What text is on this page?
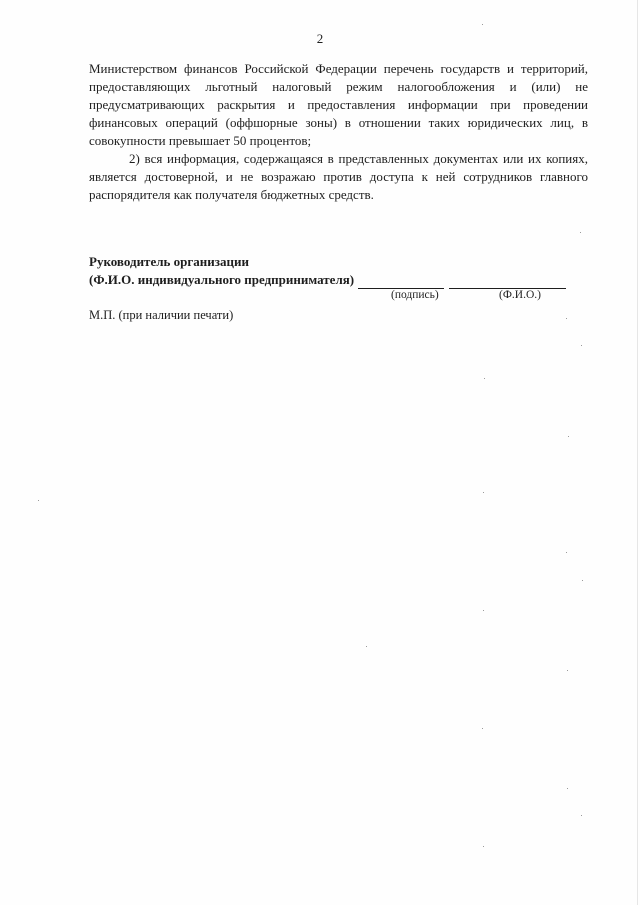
2

Министерством финансов Российской Федерации перечень государств и территорий, предоставляющих льготный налоговый режим налогообложения и (или) не предусматривающих раскрытия и предоставления информации при проведении финансовых операций (оффшорные зоны) в отношении таких юридических лиц, в совокупности превышает 50 процентов;

2) вся информация, содержащаяся в представленных документах или их копиях, является достоверной, и не возражаю против доступа к ней сотрудников главного распорядителя как получателя бюджетных средств.

Руководитель организации
(Ф.И.О. индивидуального предпринимателя)
(подпись)	(Ф.И.О.)
М.П. (при наличии печати)
